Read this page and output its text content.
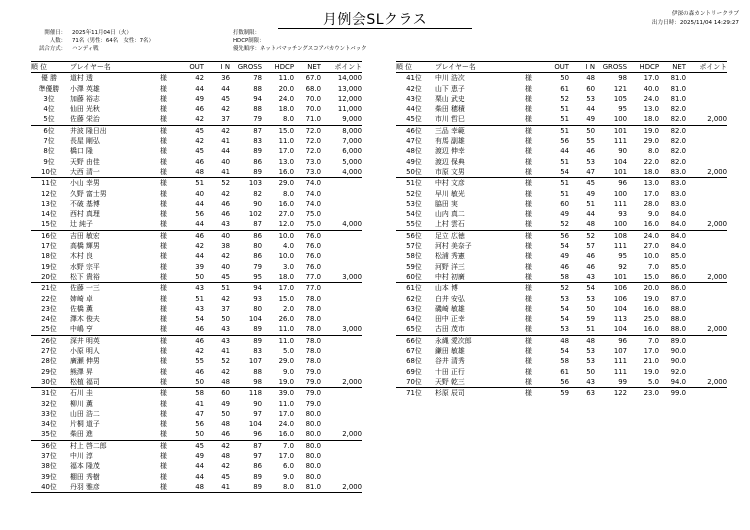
月例会SLクラス	伊深の森カントリークラブ
出力日時：2025/11/04 14:29:27
開催日： 2025年11月04日（火）
人数： 71名（男性：64名　女性：7名）
試合方式： ハンディ戦
打数制限：
HDCP制限：
優先順序：ネットパマッチングスコアパカウントバック
順 位	プレイヤー名		OUT	I N	GROSS	HDCP	NET	ポイント
優 勝	道村 透	様	42	36	78	11.0	67.0	14,000
準優勝	小澤 英雄	様	44	44	88	20.0	68.0	13,000
3位	加藤 裕志	様	49	45	94	24.0	70.0	12,000
4位	仙田 光秋	様	46	42	88	18.0	70.0	11,000
5位	佐藤 栄治	様	42	37	79	8.0	71.0	9,000
6位	井波 隆日出	様	45	42	87	15.0	72.0	8,000
7位	長屋 剛弘	様	42	41	83	11.0	72.0	7,000
8位	橋口 隆	様	45	44	89	17.0	72.0	6,000
9位	天野 由佳	様	46	40	86	13.0	73.0	5,000
10位	大西 清一	様	48	41	89	16.0	73.0	4,000
11位	小山 幸男	様	51	52	103	29.0	74.0	
12位	久野 富士男	様	40	42	82	8.0	74.0	
13位	不破 基博	様	44	46	90	16.0	74.0	
14位	西村 真理	様	56	46	102	27.0	75.0	
15位	辻 純子	様	44	43	87	12.0	75.0	4,000
16位	吉田 敏宏	様	46	40	86	10.0	76.0	
17位	高橋 輝男	様	42	38	80	4.0	76.0	
18位	木村 良	様	44	42	86	10.0	76.0	
19位	水野 宗平	様	39	40	79	3.0	76.0	
20位	松下 貴裕	様	50	45	95	18.0	77.0	3,000
21位	佐藤 一三	様	43	51	94	17.0	77.0	
22位	姉崎 卓	様	51	42	93	15.0	78.0	
23位	佐橋 薫	様	43	37	80	2.0	78.0	
24位	澤木 俊夫	様	54	50	104	26.0	78.0	
25位	中嶋 亨	様	46	43	89	11.0	78.0	3,000
26位	深井 明英	様	46	43	89	11.0	78.0	
27位	小原 明人	様	42	41	83	5.0	78.0	
28位	廣瀬 伸男	様	55	52	107	29.0	78.0	
29位	熊澤 昇	様	46	42	88	9.0	79.0	
30位	松植 福司	様	50	48	98	19.0	79.0	2,000
31位	石川 圭	様	58	60	118	39.0	79.0	
32位	柳川 薫	様	41	49	90	11.0	79.0	
33位	山田 浩二	様	47	50	97	17.0	80.0	
34位	片桐 道子	様	56	48	104	24.0	80.0	
35位	柴田 進	様	50	46	96	16.0	80.0	2,000
36位	村上 啓二郎	様	45	42	87	7.0	80.0	
37位	中川 淳	様	49	48	97	17.0	80.0	
38位	福本 隆茂	様	44	42	86	6.0	80.0	
39位	棚田 秀樹	様	44	45	89	9.0	80.0	
40位	丹羽 雅彦	様	48	41	89	8.0	81.0	2,000
順 位	プレイヤー名		OUT	I N	GROSS	HDCP	NET	ポイント
41位	中川 浩次	様	50	48	98	17.0	81.0	
42位	山下 恵子	様	61	60	121	40.0	81.0	
43位	栗山 武史	様	52	53	105	24.0	81.0	
44位	柴田 穂積	様	51	44	95	13.0	82.0	
45位	市川 哲巳	様	51	49	100	18.0	82.0	2,000
46位	三品 幸範	様	51	50	101	19.0	82.0	
47位	有馬 副雄	様	56	55	111	29.0	82.0	
48位	渡辺 伸幸	様	44	46	90	8.0	82.0	
49位	渡辺 保典	様	51	53	104	22.0	82.0	
50位	市原 文男	様	54	47	101	18.0	83.0	2,000
51位	中村 文彦	様	51	45	96	13.0	83.0	
52位	早川 敏光	様	51	49	100	17.0	83.0	
53位	脇田 実	様	60	51	111	28.0	83.0	
54位	山内 真二	様	49	44	93	9.0	84.0	
55位	上村 雲石	様	52	48	100	16.0	84.0	2,000
56位	足立 広徳	様	56	52	108	24.0	84.0	
57位	河村 美奈子	様	54	57	111	27.0	84.0	
58位	松浦 秀憲	様	49	46	95	10.0	85.0	
59位	河野 洋三	様	46	46	92	7.0	85.0	
60位	中村 初廣	様	58	43	101	15.0	86.0	2,000
61位	山本 博	様	52	54	106	20.0	86.0	
62位	白井 安弘	様	53	53	106	19.0	87.0	
63位	磯崎 敏雄	様	54	50	104	16.0	88.0	
64位	田中 正幸	様	54	59	113	25.0	88.0	
65位	古田 茂市	様	53	51	104	16.0	88.0	2,000
66位	永縄 愛次郎	様	48	48	96	7.0	89.0	
67位	鎌田 敏雄	様	54	53	107	17.0	90.0	
68位	谷井 清秀	様	58	53	111	21.0	90.0	
69位	十田 正行	様	61	50	111	19.0	92.0	
70位	天野 乾三	様	56	43	99	5.0	94.0	2,000
71位	杉原 辰司	様	59	63	122	23.0	99.0	
